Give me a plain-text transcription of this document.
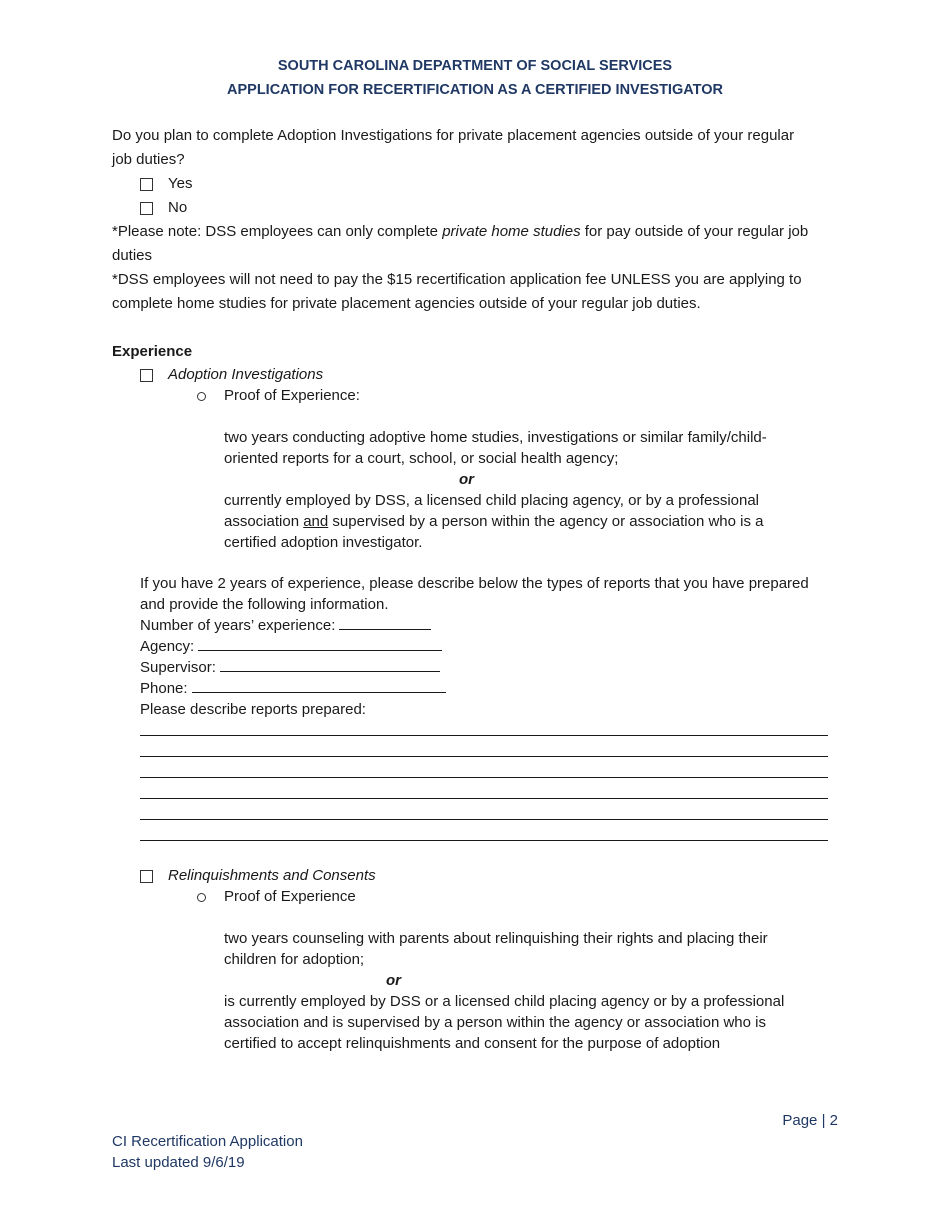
SOUTH CAROLINA DEPARTMENT OF SOCIAL SERVICES
APPLICATION FOR RECERTIFICATION AS A CERTIFIED INVESTIGATOR
Do you plan to complete Adoption Investigations for private placement agencies outside of your regular
job duties?
Yes
No
*Please note: DSS employees can only complete private home studies for pay outside of your regular job
duties
*DSS employees will not need to pay the $15 recertification application fee UNLESS you are applying to
complete home studies for private placement agencies outside of your regular job duties.
Experience
Adoption Investigations
Proof of Experience:
two years conducting adoptive home studies, investigations or similar family/child-
oriented reports for a court, school, or social health agency;
or
currently employed by DSS, a licensed child placing agency, or by a professional
association and supervised by a person within the agency or association who is a
certified adoption investigator.
If you have 2 years of experience, please describe below the types of reports that you have prepared
and provide the following information.
Number of years’ experience:
Agency:
Supervisor:
Phone:
Please describe reports prepared:
Relinquishments and Consents
Proof of Experience
two years counseling with parents about relinquishing their rights and placing their
children for adoption;
or
is currently employed by DSS or a licensed child placing agency or by a professional
association and is supervised by a person within the agency or association who is
certified to accept relinquishments and consent for the purpose of adoption
Page | 2
CI Recertification Application
Last updated 9/6/19
